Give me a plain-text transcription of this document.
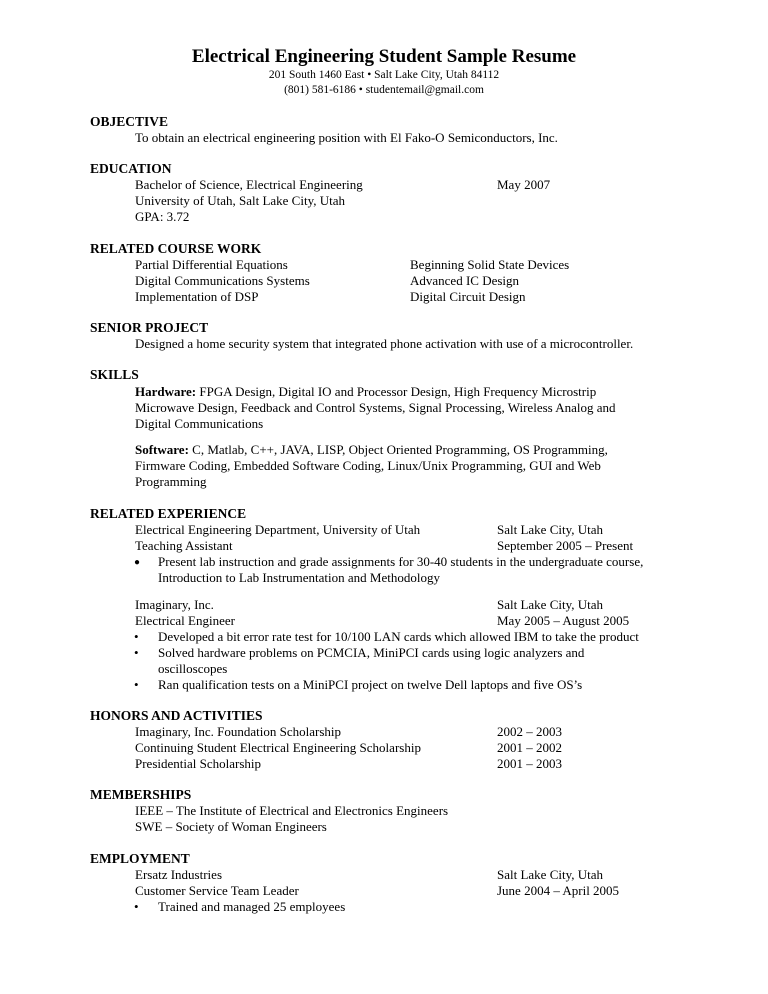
Electrical Engineering Student Sample Resume
201 South 1460 East • Salt Lake City, Utah 84112
(801) 581-6186 • studentemail@gmail.com
OBJECTIVE
To obtain an electrical engineering position with El Fako-O Semiconductors, Inc.
EDUCATION
Bachelor of Science, Electrical Engineering	May 2007
University of Utah, Salt Lake City, Utah
GPA: 3.72
RELATED COURSE WORK
Partial Differential Equations	Beginning Solid State Devices
Digital Communications Systems	Advanced IC Design
Implementation of DSP	Digital Circuit Design
SENIOR PROJECT
Designed a home security system that integrated phone activation with use of a microcontroller.
SKILLS
Hardware: FPGA Design, Digital IO and Processor Design, High Frequency Microstrip
Microwave Design, Feedback and Control Systems, Signal Processing, Wireless Analog and
Digital Communications
Software: C, Matlab, C++, JAVA, LISP, Object Oriented Programming, OS Programming,
Firmware Coding, Embedded Software Coding, Linux/Unix Programming, GUI and Web
Programming
RELATED EXPERIENCE
Electrical Engineering Department, University of Utah	Salt Lake City, Utah
Teaching Assistant	September 2005 – Present
● Present lab instruction and grade assignments for 30-40 students in the undergraduate course,
Introduction to Lab Instrumentation and Methodology
Imaginary, Inc.	Salt Lake City, Utah
Electrical Engineer	May 2005 – August 2005
• Developed a bit error rate test for 10/100 LAN cards which allowed IBM to take the product
• Solved hardware problems on PCMCIA, MiniPCI cards using logic analyzers and
oscilloscopes
• Ran qualification tests on a MiniPCI project on twelve Dell laptops and five OS’s
HONORS AND ACTIVITIES
Imaginary, Inc. Foundation Scholarship	2002 – 2003
Continuing Student Electrical Engineering Scholarship	2001 – 2002
Presidential Scholarship	2001 – 2003
MEMBERSHIPS
IEEE – The Institute of Electrical and Electronics Engineers
SWE – Society of Woman Engineers
EMPLOYMENT
Ersatz Industries	Salt Lake City, Utah
Customer Service Team Leader	June 2004 – April 2005
• Trained and managed 25 employees
